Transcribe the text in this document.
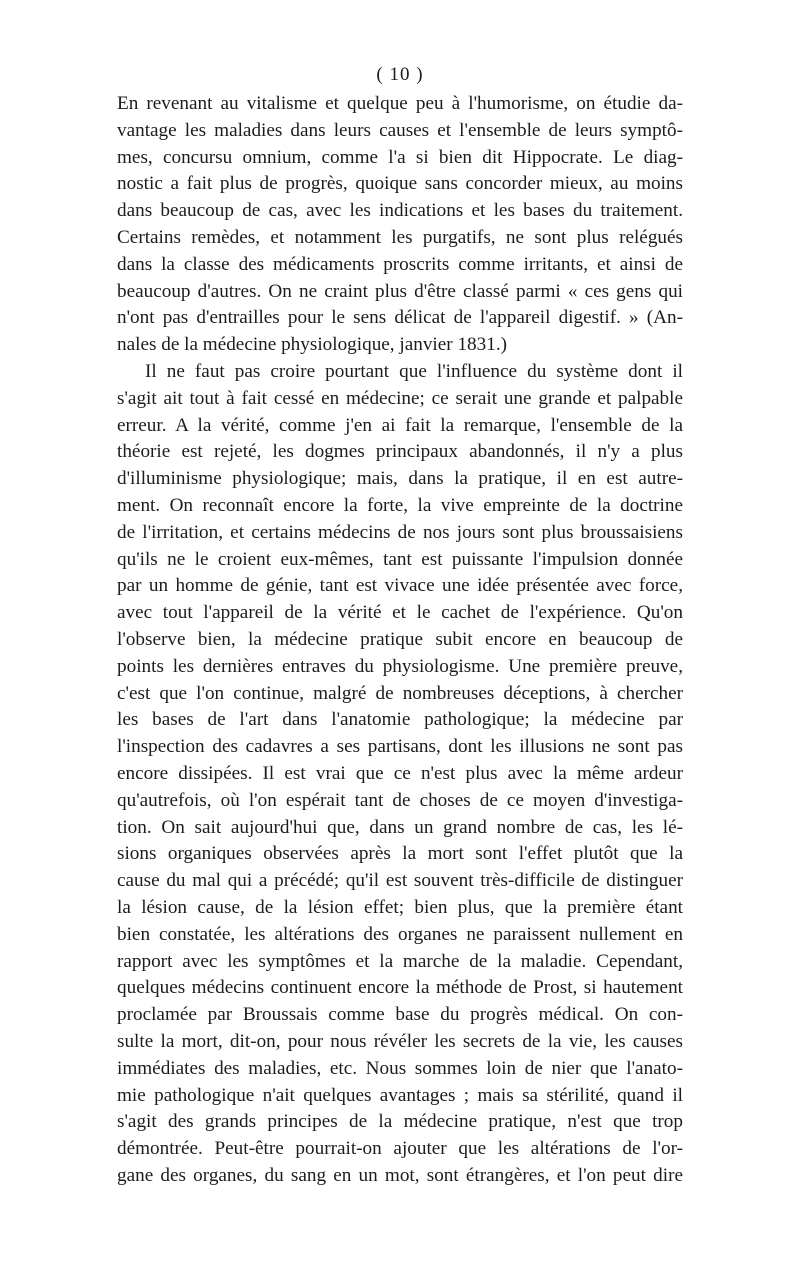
( 10 )
En revenant au vitalisme et quelque peu à l'humorisme, on étudie da-
vantage les maladies dans leurs causes et l'ensemble de leurs symptô-
mes, concursu omnium, comme l'a si bien dit Hippocrate. Le diag-
nostic a fait plus de progrès, quoique sans concorder mieux, au moins
dans beaucoup de cas, avec les indications et les bases du traitement.
Certains remèdes, et notamment les purgatifs, ne sont plus relégués
dans la classe des médicaments proscrits comme irritants, et ainsi de
beaucoup d'autres. On ne craint plus d'être classé parmi « ces gens qui
n'ont pas d'entrailles pour le sens délicat de l'appareil digestif. » (An-
nales de la médecine physiologique, janvier 1831.)
Il ne faut pas croire pourtant que l'influence du système dont il
s'agit ait tout à fait cessé en médecine; ce serait une grande et palpable
erreur. A la vérité, comme j'en ai fait la remarque, l'ensemble de la
théorie est rejeté, les dogmes principaux abandonnés, il n'y a plus
d'illuminisme physiologique; mais, dans la pratique, il en est autre-
ment. On reconnaît encore la forte, la vive empreinte de la doctrine
de l'irritation, et certains médecins de nos jours sont plus broussaisiens
qu'ils ne le croient eux-mêmes, tant est puissante l'impulsion donnée
par un homme de génie, tant est vivace une idée présentée avec force,
avec tout l'appareil de la vérité et le cachet de l'expérience. Qu'on
l'observe bien, la médecine pratique subit encore en beaucoup de
points les dernières entraves du physiologisme. Une première preuve,
c'est que l'on continue, malgré de nombreuses déceptions, à chercher
les bases de l'art dans l'anatomie pathologique; la médecine par
l'inspection des cadavres a ses partisans, dont les illusions ne sont pas
encore dissipées. Il est vrai que ce n'est plus avec la même ardeur
qu'autrefois, où l'on espérait tant de choses de ce moyen d'investiga-
tion. On sait aujourd'hui que, dans un grand nombre de cas, les lé-
sions organiques observées après la mort sont l'effet plutôt que la
cause du mal qui a précédé; qu'il est souvent très-difficile de distinguer
la lésion cause, de la lésion effet; bien plus, que la première étant
bien constatée, les altérations des organes ne paraissent nullement en
rapport avec les symptômes et la marche de la maladie. Cependant,
quelques médecins continuent encore la méthode de Prost, si hautement
proclamée par Broussais comme base du progrès médical. On con-
sulte la mort, dit-on, pour nous révéler les secrets de la vie, les causes
immédiates des maladies, etc. Nous sommes loin de nier que l'anato-
mie pathologique n'ait quelques avantages ; mais sa stérilité, quand il
s'agit des grands principes de la médecine pratique, n'est que trop
démontrée. Peut-être pourrait-on ajouter que les altérations de l'or-
gane des organes, du sang en un mot, sont étrangères, et l'on peut dire
